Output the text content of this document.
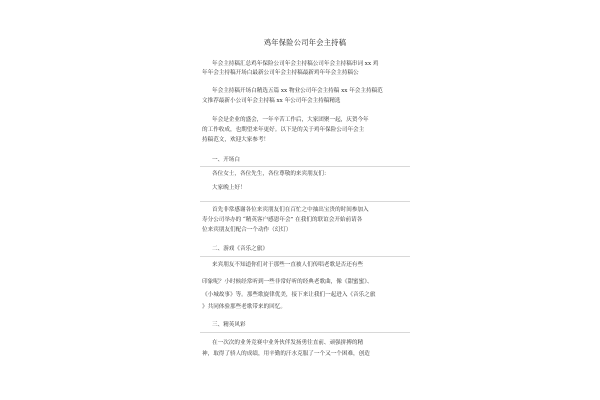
鸡年保险公司年会主持稿
年会主持稿汇总鸡年保险公司年会主持稿公司年会主持稿串词 xx 鸡
年年会主持稿开场白最新公司年会主持稿最新鸡年年会主持稿公
年会主持稿开场白精选五篇 xx 物业公司年会主持稿 xx 年会主持稿范
文推荐最新小公司年会主持稿 xx 年公司年会主持稿精选
年会是企业的盛会，一年辛苦工作后，大家团聚一起，庆贺今年
的工作收成，也期望来年更好。以下是的关于鸡年保险公司年会主
持稿范文，欢迎大家参考！
一、开场白
各位女士，各位先生，各位尊敬的来宾朋友们：
大家晚上好！
首先非常感谢各位来宾朋友们在百忙之中抽出宝贵的时间参加入
寿分公司举办的 “精英客户感恩年会” 在我们的联谊会开始前请各
位来宾朋友们配合一个动作（幻灯）
二、游戏《音乐之旅》
来宾朋友不知道你们对于那些一直被人们传唱老歌是否还有些
印象呢？小时候经常听到一些非常好听的经典老歌曲，像《甜蜜蜜》、
《小城故事》等。那些歌旋律优美，接下来让我们一起进入《音乐之旅
》共同体验那些老歌带来的回忆。
三、精英风彩
在一次次的业务竞赛中业务伙伴发扬勇往直前、顽强拼搏的精
神，取得了骄人的成绩，用辛勤的汗水克服了一个又一个困难，创造
